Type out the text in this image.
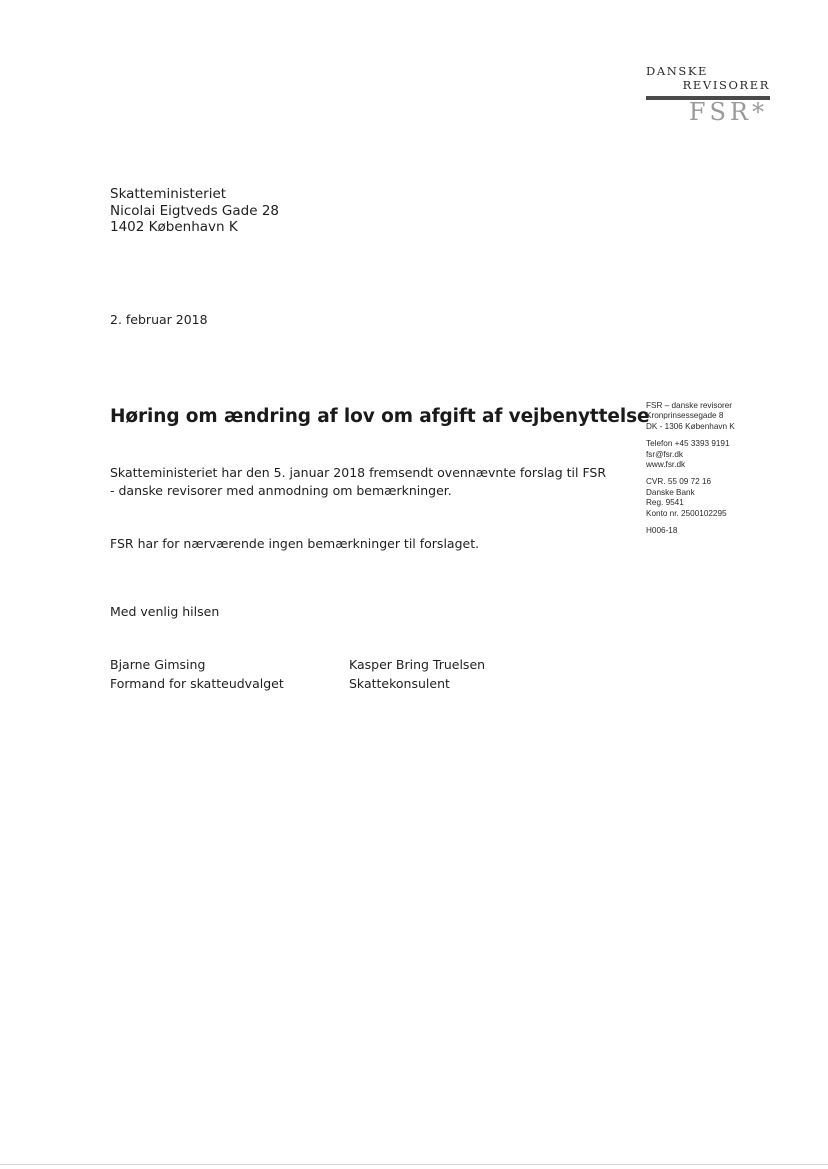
DANSKE
REVISORER
FSR*
Skatteministeriet
Nicolai Eigtveds Gade 28
1402 København K
2. februar 2018
Høring om ændring af lov om afgift af vejbenyttelse
Skatteministeriet har den 5. januar 2018 fremsendt ovennævnte forslag til FSR - danske revisorer med anmodning om bemærkninger.
FSR har for nærværende ingen bemærkninger til forslaget.
Med venlig hilsen
Bjarne Gimsing
Formand for skatteudvalget
Kasper Bring Truelsen
Skattekonsulent
FSR – danske revisorer
Kronprinsessegade 8
DK - 1306 København K
Telefon +45 3393 9191
fsr@fsr.dk
www.fsr.dk
CVR. 55 09 72 16
Danske Bank
Reg. 9541
Konto nr. 2500102295
H006-18
